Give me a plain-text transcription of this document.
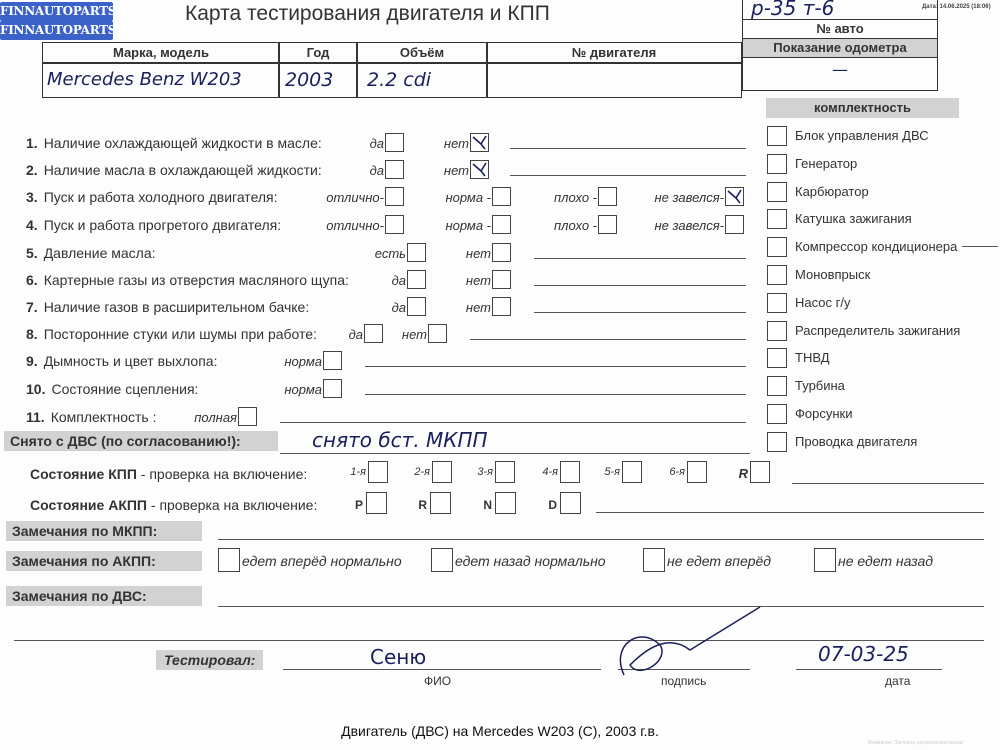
FINNAUTOPARTS
FINNAUTOPARTS
Карта тестирования двигателя и КПП	Дата: 14.06.2025 (18:06)
Марка, модель	Год	Объём	№ двигателя
Mercedes Benz W203	2003	2.2 cdi
р-35 т-6
№ авто
Показание одометра
—
комплектность
1. Наличие охлаждающей жидкости в масле:	да	нет
2. Наличие масла в охлаждающей жидкости:	да	нет
3. Пуск и работа холодного двигателя:	отлично-	норма -	плохо -	не завелся-
4. Пуск и работа прогретого двигателя:	отлично-	норма -	плохо -	не завелся-
5. Давление масла:	есть	нет
6. Картерные газы из отверстия масляного щупа:	да	нет
7. Наличие газов в расширительном бачке:	да	нет
8. Посторонние стуки или шумы при работе: да	нет
9. Дымность и цвет выхлопа:	норма
10. Состояние сцепления:	норма
11. Комплектность :	полная
Блок управления ДВС
Генератор
Карбюратор
Катушка зажигания
Компрессор кондиционера
Моновпрыск
Насос г/у
Распределитель зажигания
ТНВД
Турбина
Форсунки
Проводка двигателя
Снято с ДВС (по согласованию!):	снято бст. МКПП
Состояние КПП - проверка на включение:	1-я	2-я	3-я	4-я	5-я	6-я	R
Состояние АКПП - проверка на включение:	P	R	N	D
Замечания по МКПП:
Замечания по АКПП:	едет вперёд нормально	едет назад нормально	не едет вперёд	не едет назад
Замечания по ДВС:
Тестировал:	Сеню
ФИО	подпись
07-03-25
дата
Двигатель (ДВС) на Mercedes W203 (C), 2003 г.в.
Внимание! Запчасть разукомплектована!
